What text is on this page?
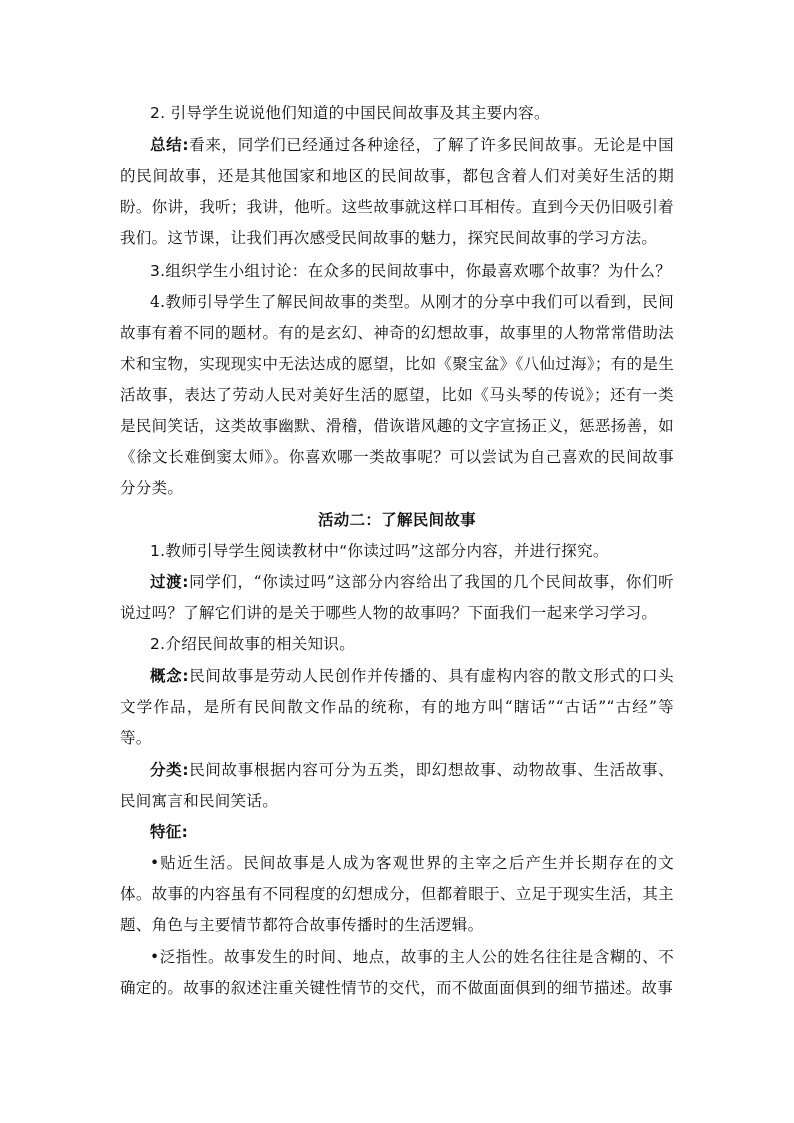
2. 引导学生说说他们知道的中国民间故事及其主要内容。

总结:看来，同学们已经通过各种途径，了解了许多民间故事。无论是中国的民间故事，还是其他国家和地区的民间故事，都包含着人们对美好生活的期盼。你讲，我听；我讲，他听。这些故事就这样口耳相传。直到今天仍旧吸引着我们。这节课，让我们再次感受民间故事的魅力，探究民间故事的学习方法。

3.组织学生小组讨论：在众多的民间故事中，你最喜欢哪个故事？为什么？

4.教师引导学生了解民间故事的类型。从刚才的分享中我们可以看到，民间故事有着不同的题材。有的是玄幻、神奇的幻想故事，故事里的人物常常借助法术和宝物，实现现实中无法达成的愿望，比如《聚宝盆》《八仙过海》；有的是生活故事，表达了劳动人民对美好生活的愿望，比如《马头琴的传说》；还有一类是民间笑话，这类故事幽默、滑稽，借诙谐风趣的文字宣扬正义，惩恶扬善，如《徐文长难倒窦太师》。你喜欢哪一类故事呢？可以尝试为自己喜欢的民间故事分分类。

活动二：了解民间故事

1.教师引导学生阅读教材中“你读过吗”这部分内容，并进行探究。

过渡:同学们，“你读过吗”这部分内容给出了我国的几个民间故事，你们听说过吗？了解它们讲的是关于哪些人物的故事吗？下面我们一起来学习学习。

2.介绍民间故事的相关知识。

概念:民间故事是劳动人民创作并传播的、具有虚构内容的散文形式的口头文学作品，是所有民间散文作品的统称，有的地方叫“瞎话”“古话”“古经”等等。

分类:民间故事根据内容可分为五类，即幻想故事、动物故事、生活故事、民间寓言和民间笑话。

特征:

•贴近生活。民间故事是人成为客观世界的主宰之后产生并长期存在的文体。故事的内容虽有不同程度的幻想成分，但都着眼于、立足于现实生活，其主题、角色与主要情节都符合故事传播时的生活逻辑。

•泛指性。故事发生的时间、地点，故事的主人公的姓名往往是含糊的、不确定的。故事的叙述注重关键性情节的交代，而不做面面俱到的细节描述。故事
